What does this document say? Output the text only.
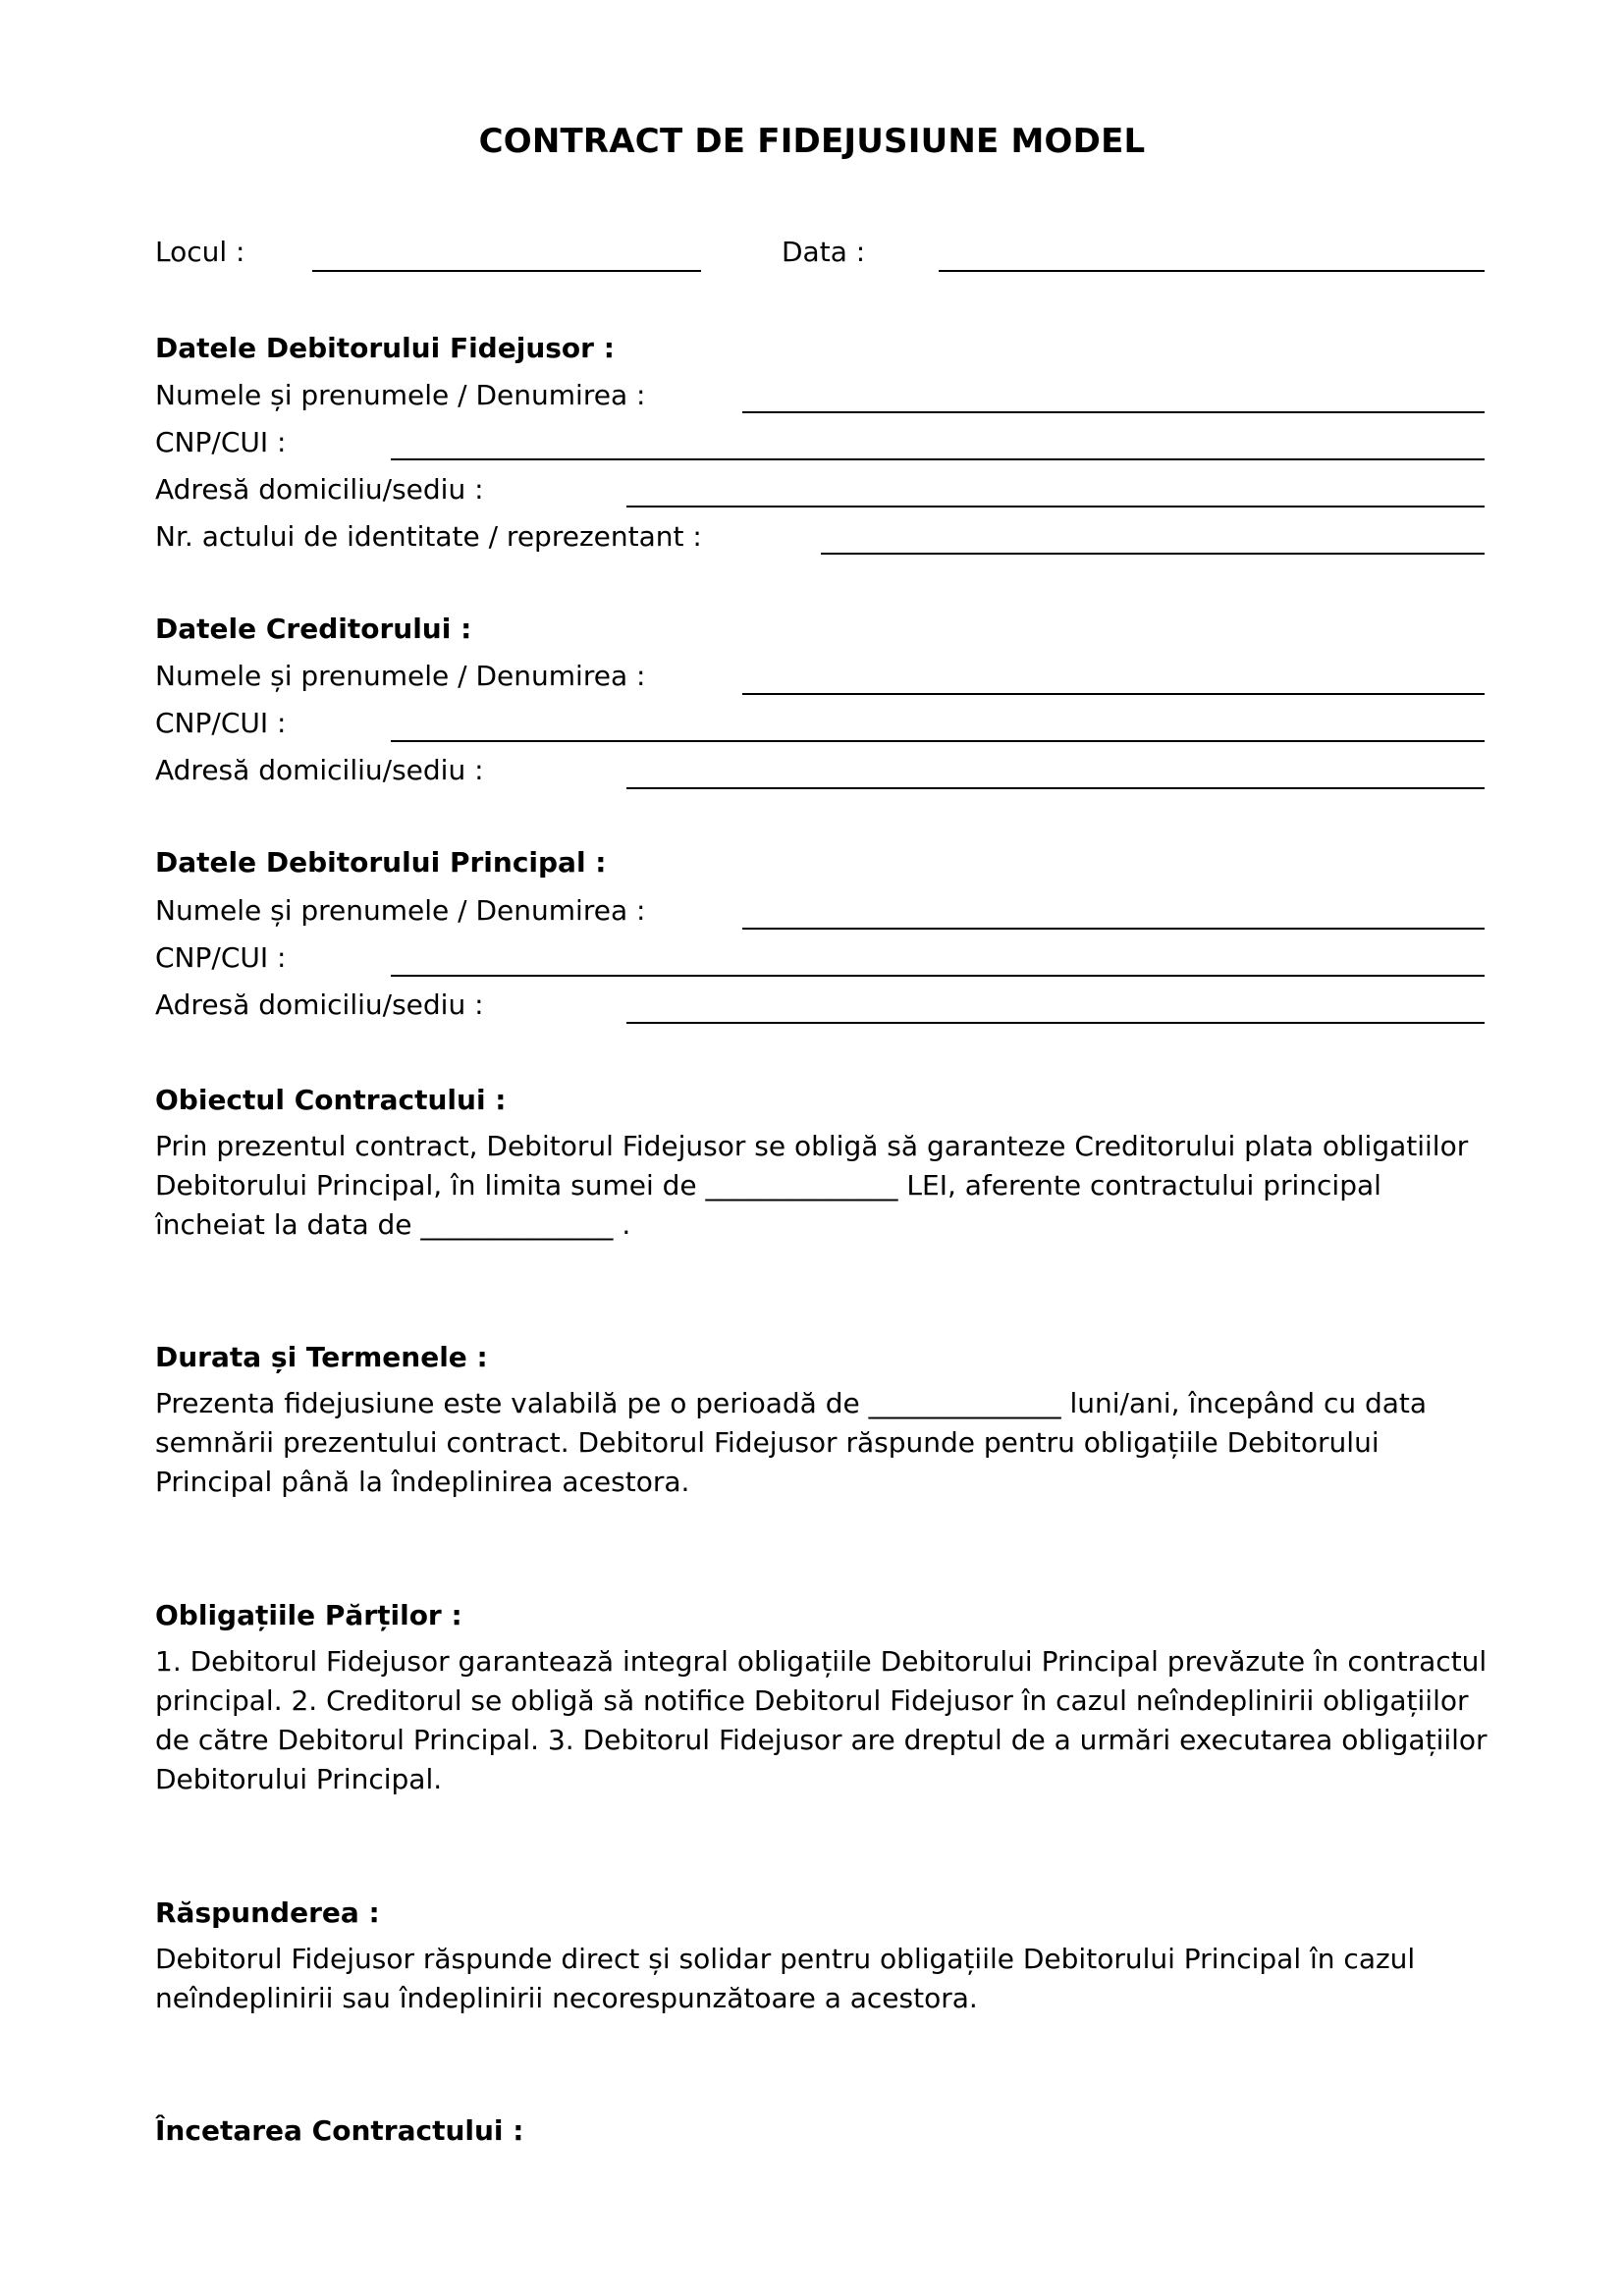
CONTRACT DE FIDEJUSIUNE MODEL
Locul :	Data :
Datele Debitorului Fidejusor :
Numele și prenumele / Denumirea :
CNP/CUI :
Adresă domiciliu/sediu :
Nr. actului de identitate / reprezentant :
Datele Creditorului :
Numele și prenumele / Denumirea :
CNP/CUI :
Adresă domiciliu/sediu :
Datele Debitorului Principal :
Numele și prenumele / Denumirea :
CNP/CUI :
Adresă domiciliu/sediu :
Obiectul Contractului :
Prin prezentul contract, Debitorul Fidejusor se obligă să garanteze Creditorului plata obligatiilor Debitorului Principal, în limita sumei de ______________ LEI, aferente contractului principal încheiat la data de ______________ .
Durata și Termenele :
Prezenta fidejusiune este valabilă pe o perioadă de ______________ luni/ani, începând cu data semnării prezentului contract. Debitorul Fidejusor răspunde pentru obligațiile Debitorului Principal până la îndeplinirea acestora.
Obligațiile Părților :
1. Debitorul Fidejusor garantează integral obligațiile Debitorului Principal prevăzute în contractul principal. 2. Creditorul se obligă să notifice Debitorul Fidejusor în cazul neîndeplinirii obligațiilor de către Debitorul Principal. 3. Debitorul Fidejusor are dreptul de a urmări executarea obligațiilor Debitorului Principal.
Răspunderea :
Debitorul Fidejusor răspunde direct și solidar pentru obligațiile Debitorului Principal în cazul neîndeplinirii sau îndeplinirii necorespunzătoare a acestora.
Încetarea Contractului :
